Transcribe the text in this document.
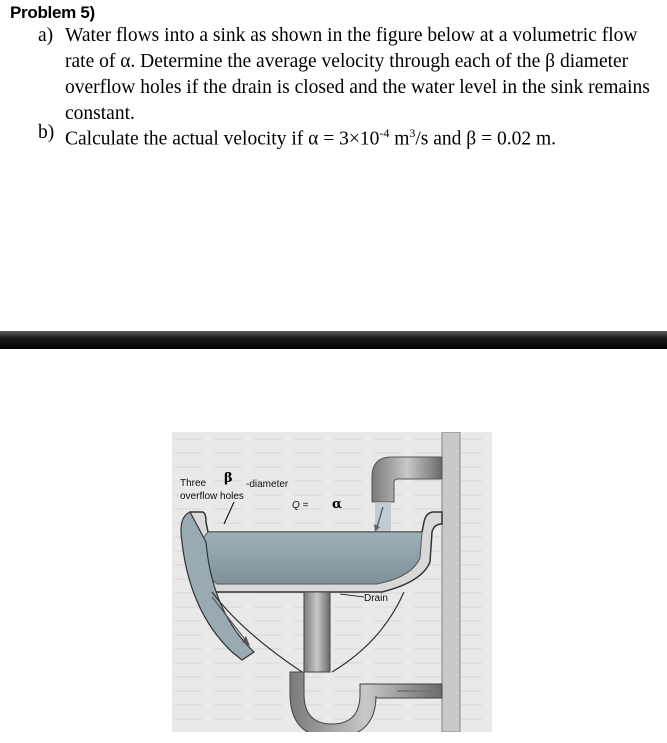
Problem 5)
a) Water flows into a sink as shown in the figure below at a volumetric flow rate of α. Determine the average velocity through each of the β diameter overflow holes if the drain is closed and the water level in the sink remains constant.
b) Calculate the actual velocity if $\alpha = 3\times 10^{-4}$ $m^3/s$ and β = 0.02 m.
Three β -diameter
overflow holes
Q = α
Drain
